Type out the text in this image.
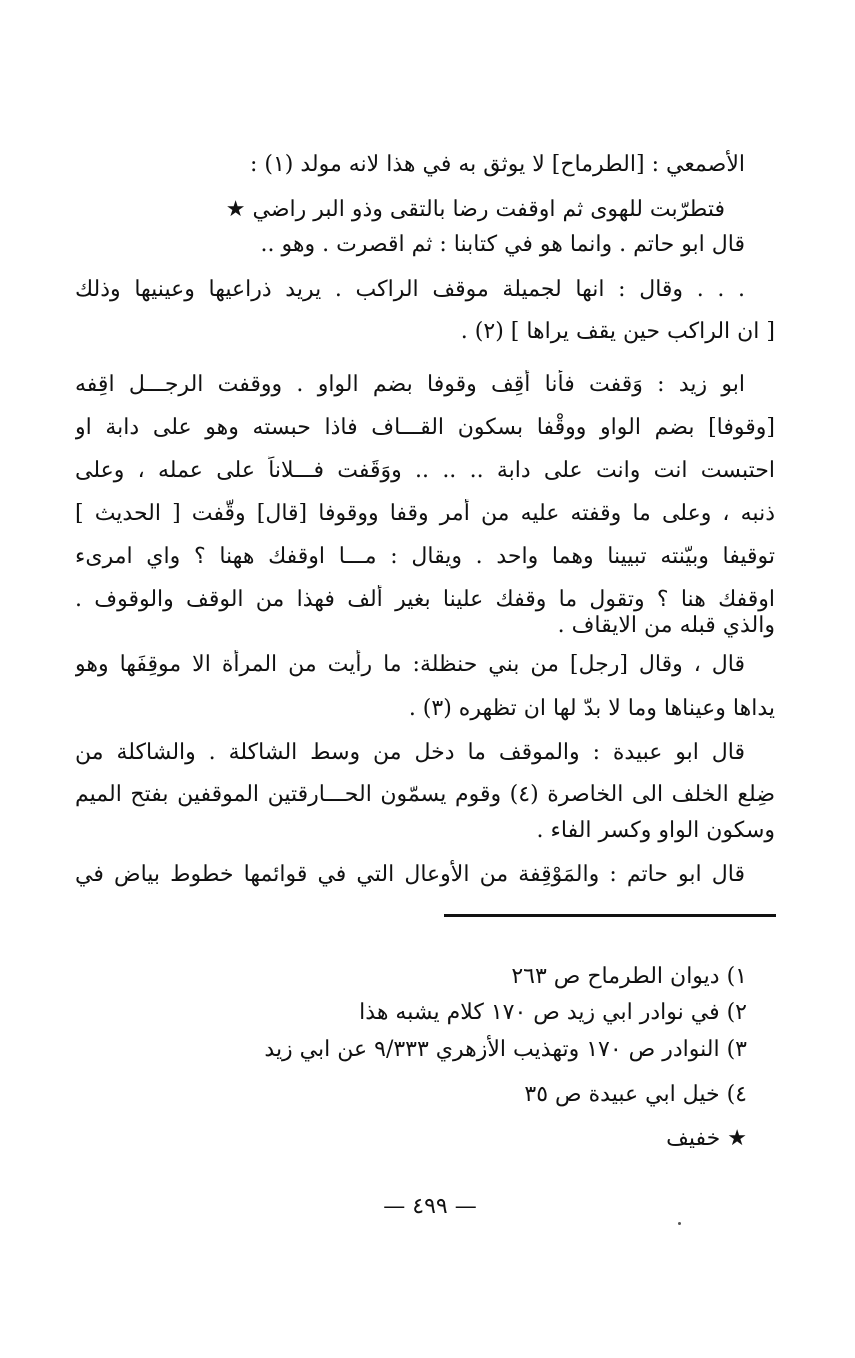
الأصمعي : [الطرماح] لا يوثق به في هذا لانه مولد (١) :
فتطرّبت للهوى ثم اوقفت رضا بالتقى وذو البر راضي ★
قال ابو حاتم . وانما هو في كتابنا : ثم اقصرت . وهو ..
. . . وقال : انها لجميلة موقف الراكب . يريد ذراعيها وعينيها وذلك
[ ان الراكب حين يقف يراها ] (٢) .
ابو زيد : وَقفت فأنا أَقِف وقوفا بضم الواو . ووقفت الرجـــل اقِفه
[وقوفا] بضم الواو ووقْفا بسكون القـــاف فاذا حبسته وهو على دابة او
احتبست انت وانت على دابة .. .. .. ووَقَفت فـــلاناً على عمله ، وعلى
ذنبه ، وعلى ما وقفته عليه من أمر وقفا ووقوفا [قال] وقّفت [ الحديث ]
توقيفا وبيّنته تبيينا وهما واحد . ويقال : مـــا اوقفك ههنا ؟ واي امرىء
اوقفك هنا ؟ وتقول ما وقفك علينا بغير ألف فهذا من الوقف والوقوف .
والذي قبله من الايقاف .
قال ، وقال [رجل] من بني حنظلة: ما رأيت من المرأة الا موقِفَها وهو
يداها وعيناها وما لا بدّ لها ان تظهره (٣) .
قال ابو عبيدة : والموقف ما دخل من وسط الشاكلة . والشاكلة من
ضِلع الخلف الى الخاصرة (٤) وقوم يسمّون الحـــارقتين الموقفين بفتح الميم
وسكون الواو وكسر الفاء .
قال ابو حاتم : والمَوْقِفة من الأوعال التي في قوائمها خطوط بياض في
١) ديوان الطرماح ص ٢٦٣
٢) في نوادر ابي زيد ص ١٧٠ كلام يشبه هذا
٣) النوادر ص ١٧٠ وتهذيب الأزهري ٩/٣٣٣ عن ابي زيد
٤) خيل ابي عبيدة ص ٣٥
★ خفيف
— ٤٩٩ —
